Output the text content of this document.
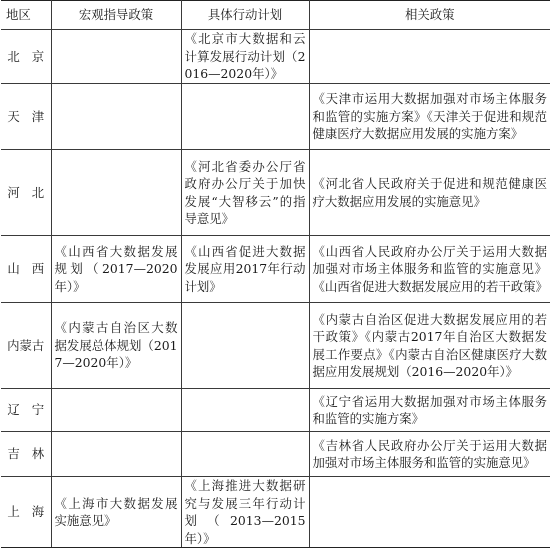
地区	宏观指导政策	具体行动计划	相关政策
北京		《北京市大数据和云计算发展行动计划（2016—2020年）》	
天津			《天津市运用大数据加强对市场主体服务和监管的实施方案》《天津关于促进和规范健康医疗大数据应用发展的实施方案》
河北		《河北省委办公厅省政府办公厅关于加快发展“大智移云”的指导意见》	《河北省人民政府关于促进和规范健康医疗大数据应用发展的实施意见》
山西	《山西省大数据发展规划（2017—2020年）》	《山西省促进大数据发展应用2017年行动计划》	《山西省人民政府办公厅关于运用大数据加强对市场主体服务和监管的实施意见》《山西省促进大数据发展应用的若干政策》
内蒙古	《内蒙古自治区大数据发展总体规划（2017—2020年）》		《内蒙古自治区促进大数据发展应用的若干政策》《内蒙古2017年自治区大数据发展工作要点》《内蒙古自治区健康医疗大数据应用发展规划（2016—2020年）》
辽宁			《辽宁省运用大数据加强对市场主体服务和监管的实施方案》
吉林			《吉林省人民政府办公厅关于运用大数据加强对市场主体服务和监管的实施意见》
上海	《上海市大数据发展实施意见》	《上海推进大数据研究与发展三年行动计划（2013—2015年）》	
